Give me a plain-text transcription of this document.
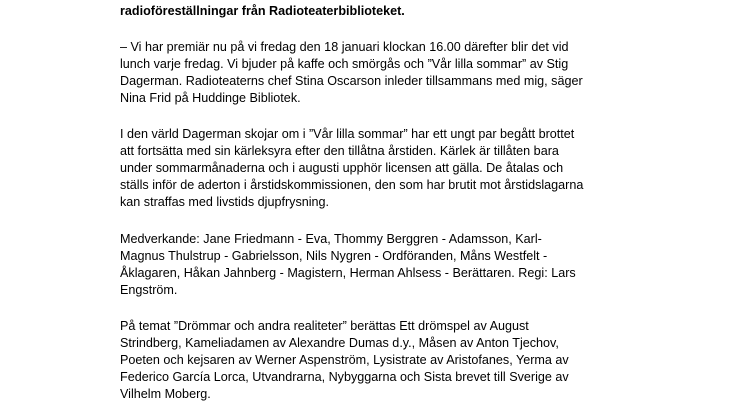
radioföreställningar från Radioteaterbiblioteket.
– Vi har premiär nu på vi fredag den 18 januari klockan 16.00 därefter blir det vid
lunch varje fredag. Vi bjuder på kaffe och smörgås och ”Vår lilla sommar” av Stig
Dagerman. Radioteaterns chef Stina Oscarson inleder tillsammans med mig, säger
Nina Frid på Huddinge Bibliotek.
I den värld Dagerman skojar om i ”Vår lilla sommar” har ett ungt par begått brottet
att fortsätta med sin kärleksyra efter den tillåtna årstiden. Kärlek är tillåten bara
under sommarmånaderna och i augusti upphör licensen att gälla. De åtalas och
ställs inför de aderton i årstidskommissionen, den som har brutit mot årstidslagarna
kan straffas med livstids djupfrysning.
Medverkande: Jane Friedmann - Eva, Thommy Berggren - Adamsson, Karl-
Magnus Thulstrup - Gabrielsson, Nils Nygren - Ordföranden, Måns Westfelt -
Åklagaren, Håkan Jahnberg - Magistern, Herman Ahlsess - Berättaren. Regi: Lars
Engström.
På temat ”Drömmar och andra realiteter” berättas Ett drömspel av August
Strindberg, Kameliadamen av Alexandre Dumas d.y., Måsen av Anton Tjechov,
Poeten och kejsaren av Werner Aspenström, Lysistrate av Aristofanes, Yerma av
Federico García Lorca, Utvandrarna, Nybyggarna och Sista brevet till Sverige av
Vilhelm Moberg.
